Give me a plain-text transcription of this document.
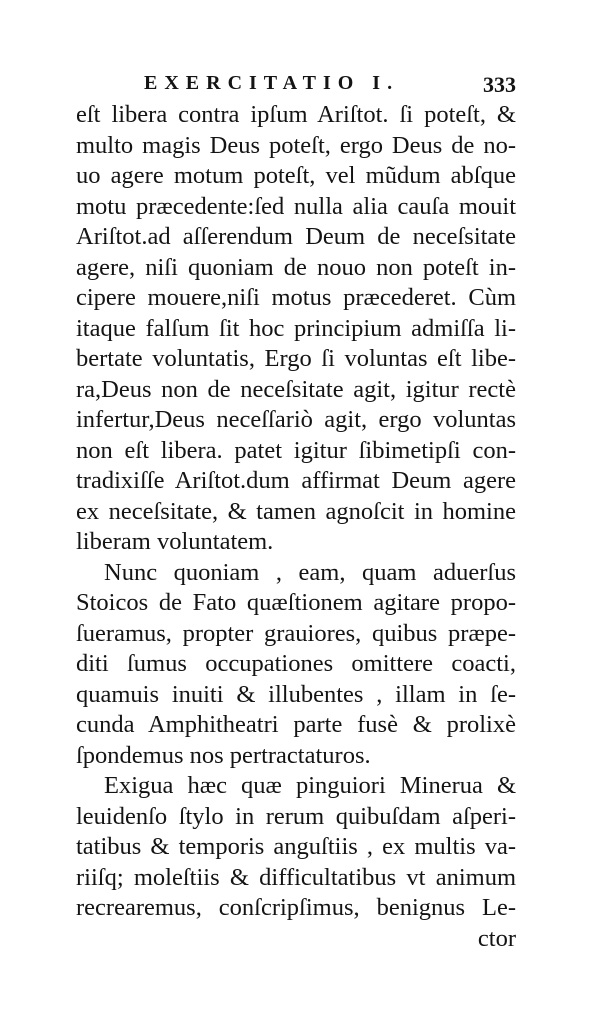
EXERCITATIO I.	333
eſt libera contra ipſum Ariſtot. ſi poteſt, &
multo magis Deus poteſt, ergo Deus de no-
uo agere motum poteſt, vel mũdum abſque
motu præcedente:ſed nulla alia cauſa mouit
Ariſtot.ad aſſerendum Deum de neceſsitate
agere, niſi quoniam de nouo non poteſt in-
cipere mouere,niſi motus præcederet. Cùm
itaque falſum ſit hoc principium admiſſa li-
bertate voluntatis, Ergo ſi voluntas eſt libe-
ra,Deus non de neceſsitate agit, igitur rectè
infertur,Deus neceſſariò agit, ergo voluntas
non eſt libera. patet igitur ſibimetipſi con-
tradixiſſe Ariſtot.dum affirmat Deum agere
ex neceſsitate, & tamen agnoſcit in homine
liberam voluntatem.
Nunc quoniam , eam, quam aduerſus
Stoicos de Fato quæſtionem agitare propo-
ſueramus, propter grauiores, quibus præpe-
diti ſumus occupationes omittere coacti,
quamuis inuiti & illubentes , illam in ſe-
cunda Amphitheatri parte fusè & prolixè
ſpondemus nos pertractaturos.
Exigua hæc quæ pinguiori Minerua &
leuidenſo ſtylo in rerum quibuſdam aſperi-
tatibus & temporis anguſtiis , ex multis va-
riiſq; moleſtiis & difficultatibus vt animum
recrearemus, conſcripſimus, benignus Le-
ctor
